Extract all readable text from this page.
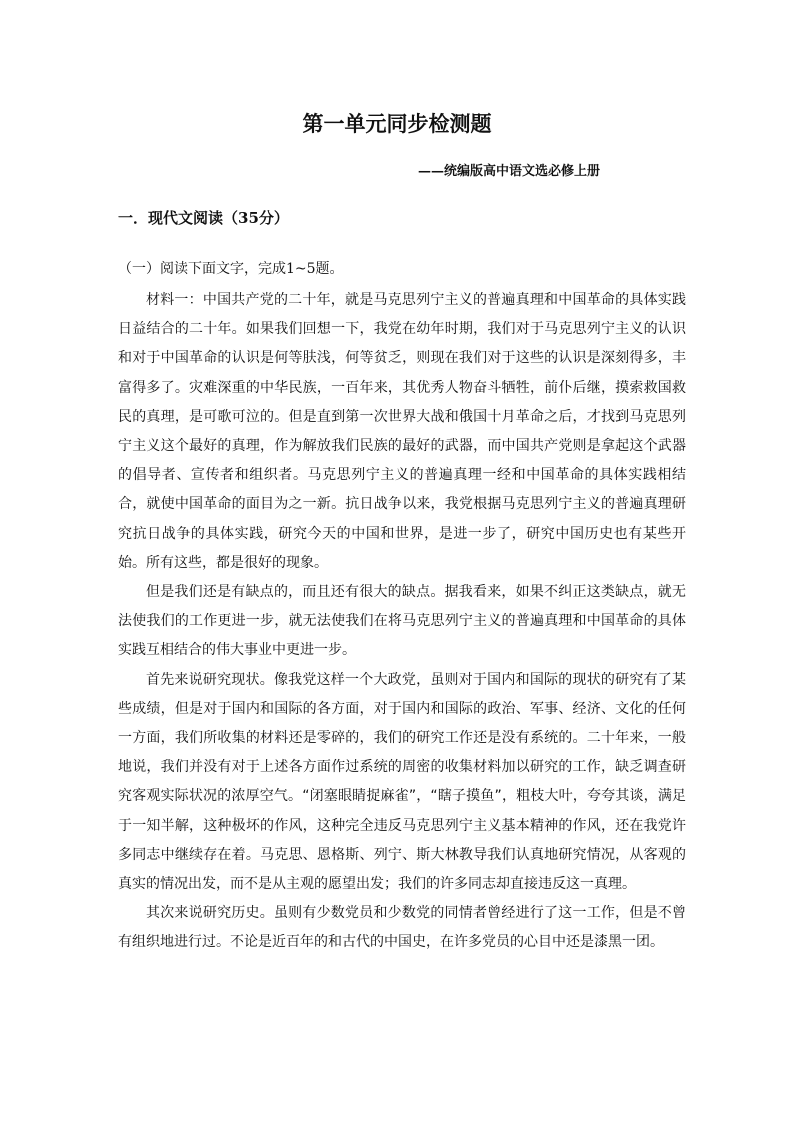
第一单元同步检测题
——统编版高中语文选必修上册
一．现代文阅读（35分）
（一）阅读下面文字，完成1~5题。

材料一：中国共产党的二十年，就是马克思列宁主义的普遍真理和中国革命的具体实践日益结合的二十年。如果我们回想一下，我党在幼年时期，我们对于马克思列宁主义的认识和对于中国革命的认识是何等肤浅，何等贫乏，则现在我们对于这些的认识是深刻得多，丰富得多了。灾难深重的中华民族，一百年来，其优秀人物奋斗牺牲，前仆后继，摸索救国救民的真理，是可歌可泣的。但是直到第一次世界大战和俄国十月革命之后，才找到马克思列宁主义这个最好的真理，作为解放我们民族的最好的武器，而中国共产党则是拿起这个武器的倡导者、宣传者和组织者。马克思列宁主义的普遍真理一经和中国革命的具体实践相结合，就使中国革命的面目为之一新。抗日战争以来，我党根据马克思列宁主义的普遍真理研究抗日战争的具体实践，研究今天的中国和世界，是进一步了，研究中国历史也有某些开始。所有这些，都是很好的现象。

但是我们还是有缺点的，而且还有很大的缺点。据我看来，如果不纠正这类缺点，就无法使我们的工作更进一步，就无法使我们在将马克思列宁主义的普遍真理和中国革命的具体实践互相结合的伟大事业中更进一步。

首先来说研究现状。像我党这样一个大政党，虽则对于国内和国际的现状的研究有了某些成绩，但是对于国内和国际的各方面，对于国内和国际的政治、军事、经济、文化的任何一方面，我们所收集的材料还是零碎的，我们的研究工作还是没有系统的。二十年来，一般地说，我们并没有对于上述各方面作过系统的周密的收集材料加以研究的工作，缺乏调查研究客观实际状况的浓厚空气。“闭塞眼睛捉麻雀”，“瞎子摸鱼”，粗枝大叶，夸夸其谈，满足于一知半解，这种极坏的作风，这种完全违反马克思列宁主义基本精神的作风，还在我党许多同志中继续存在着。马克思、恩格斯、列宁、斯大林教导我们认真地研究情况，从客观的真实的情况出发，而不是从主观的愿望出发；我们的许多同志却直接违反这一真理。

其次来说研究历史。虽则有少数党员和少数党的同情者曾经进行了这一工作，但是不曾有组织地进行过。不论是近百年的和古代的中国史，在许多党员的心目中还是漆黑一团。
